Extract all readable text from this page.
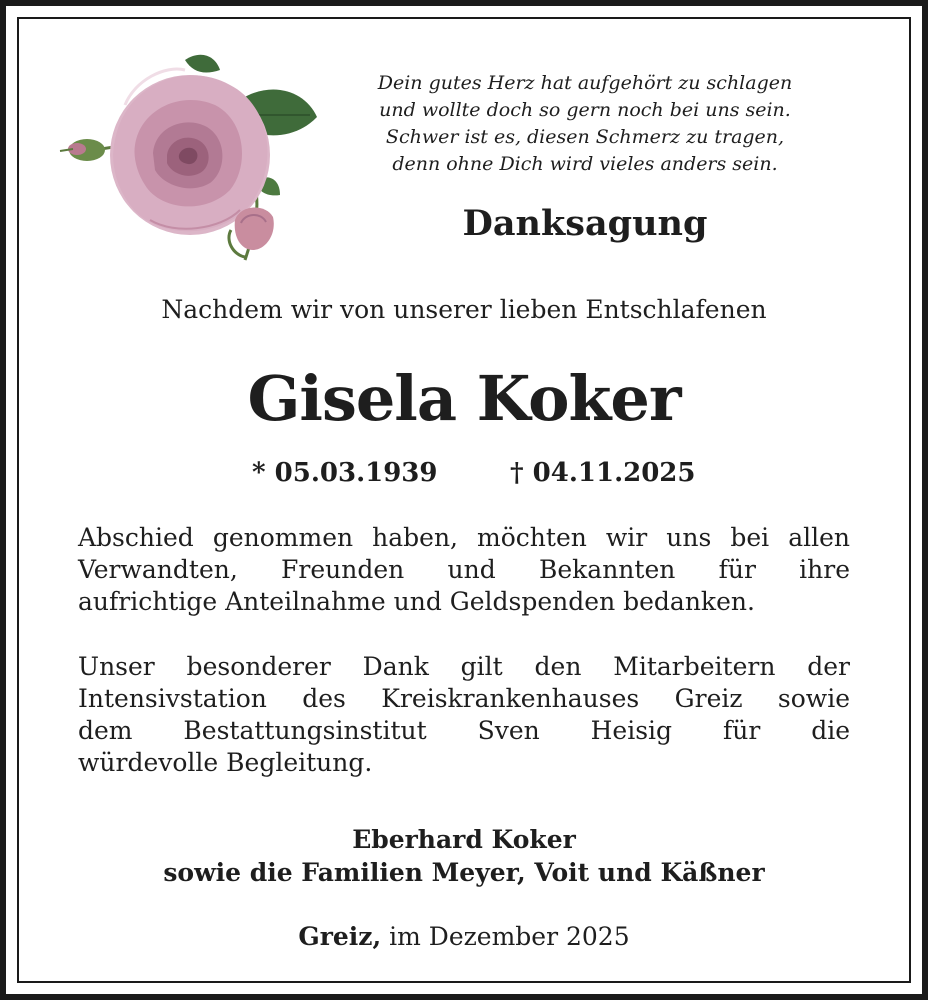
Dein gutes Herz hat aufgehört zu schlagen
und wollte doch so gern noch bei uns sein.
Schwer ist es, diesen Schmerz zu tragen,
denn ohne Dich wird vieles anders sein.
Danksagung
Nachdem wir von unserer lieben Entschlafenen
Gisela Koker
* 05.03.1939	† 04.11.2025
Abschied genommen haben, möchten wir uns bei allen
Verwandten, Freunden und Bekannten für ihre
aufrichtige Anteilnahme und Geldspenden bedanken.
Unser besonderer Dank gilt den Mitarbeitern der
Intensivstation des Kreiskrankenhauses Greiz sowie
dem Bestattungsinstitut Sven Heisig für die
würdevolle Begleitung.
Eberhard Koker
sowie die Familien Meyer, Voit und Käßner
Greiz, im Dezember 2025
